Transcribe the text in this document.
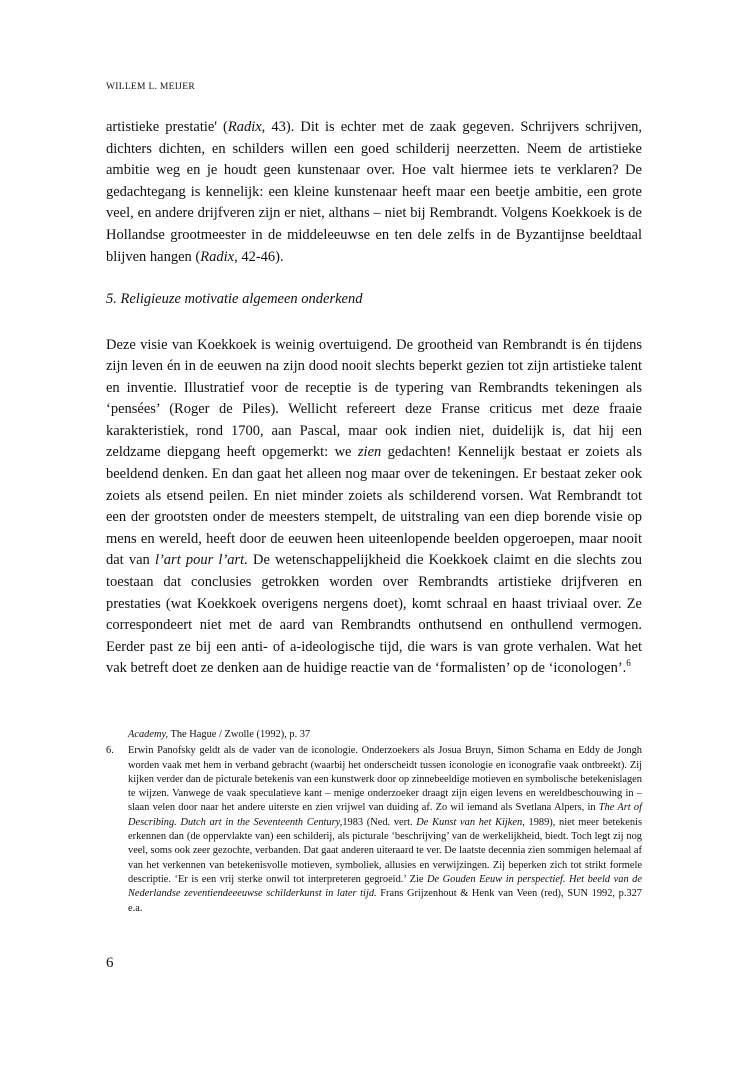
WILLEM L. MEIJER

artistieke prestatie' (Radix, 43). Dit is echter met de zaak gegeven. Schrijvers schrijven, dichters dichten, en schilders willen een goed schilderij neerzetten. Neem de artistieke ambitie weg en je houdt geen kunstenaar over. Hoe valt hiermee iets te verklaren? De gedachtegang is kennelijk: een kleine kunstenaar heeft maar een beetje ambitie, een grote veel, en andere drijfveren zijn er niet, althans – niet bij Rembrandt. Volgens Koekkoek is de Hollandse grootmeester in de middeleeuwse en ten dele zelfs in de Byzantijnse beeldtaal blijven hangen (Radix, 42-46).

5. Religieuze motivatie algemeen onderkend

Deze visie van Koekkoek is weinig overtuigend. De grootheid van Rembrandt is én tijdens zijn leven én in de eeuwen na zijn dood nooit slechts beperkt gezien tot zijn artistieke talent en inventie. Illustratief voor de receptie is de typering van Rembrandts tekeningen als ‘pensées’ (Roger de Piles). Wellicht refereert deze Franse criticus met deze fraaie karakteristiek, rond 1700, aan Pascal, maar ook indien niet, duidelijk is, dat hij een zeldzame diepgang heeft opgemerkt: we zien gedachten! Kennelijk bestaat er zoiets als beeldend denken. En dan gaat het alleen nog maar over de tekeningen. Er bestaat zeker ook zoiets als etsend peilen. En niet minder zoiets als schilderend vorsen. Wat Rembrandt tot een der grootsten onder de meesters stempelt, de uitstraling van een diep borende visie op mens en wereld, heeft door de eeuwen heen uiteenlopende beelden opgeroepen, maar nooit dat van l’art pour l’art. De wetenschappelijkheid die Koekkoek claimt en die slechts zou toestaan dat conclusies getrokken worden over Rembrandts artistieke drijfveren en prestaties (wat Koekkoek overigens nergens doet), komt schraal en haast triviaal over. Ze correspondeert niet met de aard van Rembrandts onthutsend en onthullend vermogen. Eerder past ze bij een anti- of a-ideologische tijd, die wars is van grote verhalen. Wat het vak betreft doet ze denken aan de huidige reactie van de ‘formalisten’ op de ‘iconologen’.$^6$

Academy, The Hague / Zwolle (1992), p. 37

6. Erwin Panofsky geldt als de vader van de iconologie. Onderzoekers als Josua Bruyn, Simon Schama en Eddy de Jongh worden vaak met hem in verband gebracht (waarbij het onderscheidt tussen iconologie en iconografie vaak ontbreekt). Zij kijken verder dan de picturale betekenis van een kunstwerk door op zinnebeeldige motieven en symbolische betekenislagen te wijzen. Vanwege de vaak speculatieve kant – menige onderzoeker draagt zijn eigen levens en wereldbeschouwing in – slaan velen door naar het andere uiterste en zien vrijwel van duiding af. Zo wil iemand als Svetlana Alpers, in The Art of Describing. Dutch art in the Seventeenth Century,1983 (Ned. vert. De Kunst van het Kijken, 1989), niet meer betekenis erkennen dan (de oppervlakte van) een schilderij, als picturale ‘beschrijving’ van de werkelijkheid, biedt. Toch legt zij nog veel, soms ook zeer gezochte, verbanden. Dat gaat anderen uiteraard te ver. De laatste decennia zien sommigen helemaal af van het verkennen van betekenisvolle motieven, symboliek, allusies en verwijzingen. Zij beperken zich tot strikt formele descriptie. ‘Er is een vrij sterke onwil tot interpreteren gegroeid.’ Zie De Gouden Eeuw in perspectief. Het beeld van de Nederlandse zeventiendeeeuwse schilderkunst in later tijd. Frans Grijzenhout & Henk van Veen (red), SUN 1992, p.327 e.a.

6
